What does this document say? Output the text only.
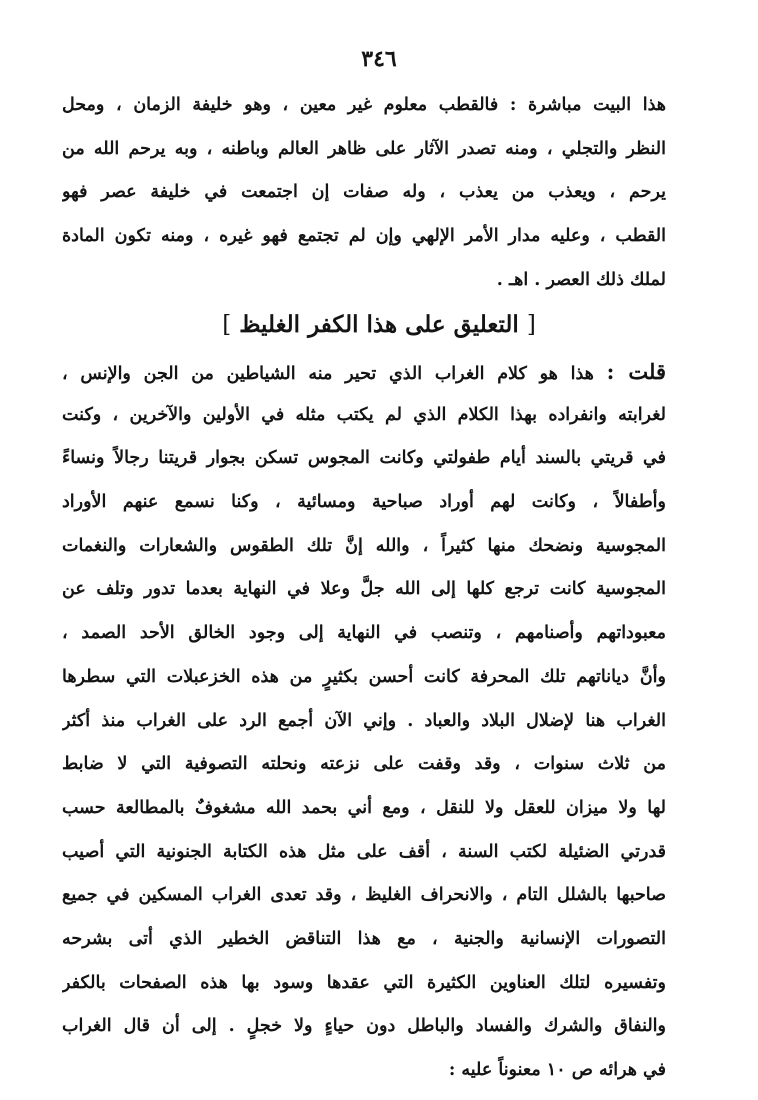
٣٤٦
هذا البيت مباشرة : فالقطب معلوم غير معين ، وهو خليفة الزمان ، ومحل
النظر والتجلي ، ومنه تصدر الآثار على ظاهر العالم وباطنه ، وبه يرحم الله من
يرحم ، ويعذب من يعذب ، وله صفات إن اجتمعت في خليفة عصر فهو
القطب ، وعليه مدار الأمر الإلهي وإن لم تجتمع فهو غيره ، ومنه تكون المادة
لملك ذلك العصر . اهـ .
[ التعليق على هذا الكفر الغليظ ]
قلت : هذا هو كلام الغراب الذي تحير منه الشياطين من الجن والإنس ،
لغرابته وانفراده بهذا الكلام الذي لم يكتب مثله في الأولين والآخرين ، وكنت
في قريتي بالسند أيام طفولتي وكانت المجوس تسكن بجوار قريتنا رجالاً ونساءً
وأطفالاً ، وكانت لهم أوراد صباحية ومسائية ، وكنا نسمع عنهم الأوراد
المجوسية ونضحك منها كثيراً ، والله إنَّ تلك الطقوس والشعارات والنغمات
المجوسية كانت ترجع كلها إلى الله جلَّ وعلا في النهاية بعدما تدور وتلف عن
معبوداتهم وأصنامهم ، وتنصب في النهاية إلى وجود الخالق الأحد الصمد ،
وأنَّ دياناتهم تلك المحرفة كانت أحسن بكثيرٍ من هذه الخزعبلات التي سطرها
الغراب هنا لإضلال البلاد والعباد . وإني الآن أجمع الرد على الغراب منذ أكثر
من ثلاث سنوات ، وقد وقفت على نزعته ونحلته التصوفية التي لا ضابط
لها ولا ميزان للعقل ولا للنقل ، ومع أني بحمد الله مشغوفٌ بالمطالعة حسب
قدرتي الضئيلة لكتب السنة ، أقف على مثل هذه الكتابة الجنونية التي أصيب
صاحبها بالشلل التام ، والانحراف الغليظ ، وقد تعدى الغراب المسكين في جميع
التصورات الإنسانية والجنية ، مع هذا التناقض الخطير الذي أتى بشرحه
وتفسيره لتلك العناوين الكثيرة التي عقدها وسود بها هذه الصفحات بالكفر
والنفاق والشرك والفساد والباطل دون حياءٍ ولا خجلٍ . إلى أن قال الغراب
في هرائه ص ١٠ معنوناً عليه :
